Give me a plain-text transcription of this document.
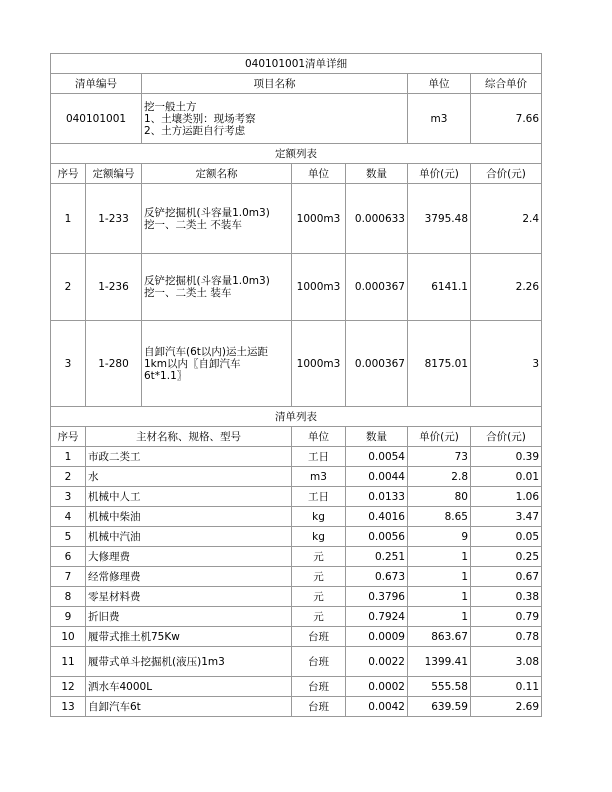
040101001清单详细						
清单编号		项目名称			单位	综合单价
040101001		挖一般土方
1、土壤类别：现场考察
2、土方运距自行考虑			m3	7.66
定额列表						
序号	定额编号	定额名称	单位	数量	单价(元)	合价(元)
1	1-233	反铲挖掘机(斗容量1.0m3)
挖一、二类土 不装车	1000m3	0.000633	3795.48	2.4
2	1-236	反铲挖掘机(斗容量1.0m3)
挖一、二类土 装车	1000m3	0.000367	6141.1	2.26
3	1-280	自卸汽车(6t以内)运土运距
1km以内〖自卸汽车
6t*1.1〗	1000m3	0.000367	8175.01	3
清单列表						
序号	主材名称、规格、型号		单位	数量	单价(元)	合价(元)
1	市政二类工		工日	0.0054	73	0.39
2	水		m3	0.0044	2.8	0.01
3	机械中人工		工日	0.0133	80	1.06
4	机械中柴油		kg	0.4016	8.65	3.47
5	机械中汽油		kg	0.0056	9	0.05
6	大修理费		元	0.251	1	0.25
7	经常修理费		元	0.673	1	0.67
8	零星材料费		元	0.3796	1	0.38
9	折旧费		元	0.7924	1	0.79
10	履带式推土机75Kw		台班	0.0009	863.67	0.78
11	履带式单斗挖掘机(液压)1m3		台班	0.0022	1399.41	3.08
12	洒水车4000L		台班	0.0002	555.58	0.11
13	自卸汽车6t		台班	0.0042	639.59	2.69
